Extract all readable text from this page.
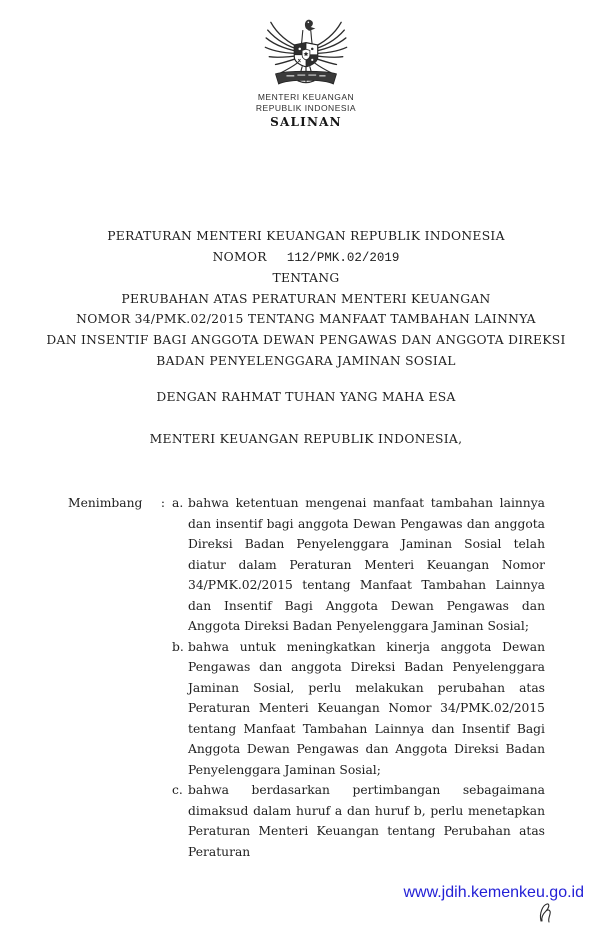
MENTERI KEUANGAN
REPUBLIK INDONESIA
SALINAN
PERATURAN MENTERI KEUANGAN REPUBLIK INDONESIA
NOMOR 112/PMK.02/2019
TENTANG
PERUBAHAN ATAS PERATURAN MENTERI KEUANGAN
NOMOR 34/PMK.02/2015 TENTANG MANFAAT TAMBAHAN LAINNYA
DAN INSENTIF BAGI ANGGOTA DEWAN PENGAWAS DAN ANGGOTA DIREKSI
BADAN PENYELENGGARA JAMINAN SOSIAL
DENGAN RAHMAT TUHAN YANG MAHA ESA
MENTERI KEUANGAN REPUBLIK INDONESIA,
Menimbang	: a. bahwa ketentuan mengenai manfaat tambahan lainnya dan insentif bagi anggota Dewan Pengawas dan anggota Direksi Badan Penyelenggara Jaminan Sosial telah diatur dalam Peraturan Menteri Keuangan Nomor 34/PMK.02/2015 tentang Manfaat Tambahan Lainnya dan Insentif Bagi Anggota Dewan Pengawas dan Anggota Direksi Badan Penyelenggara Jaminan Sosial;
b. bahwa untuk meningkatkan kinerja anggota Dewan Pengawas dan anggota Direksi Badan Penyelenggara Jaminan Sosial, perlu melakukan perubahan atas Peraturan Menteri Keuangan Nomor 34/PMK.02/2015 tentang Manfaat Tambahan Lainnya dan Insentif Bagi Anggota Dewan Pengawas dan Anggota Direksi Badan Penyelenggara Jaminan Sosial;
c. bahwa berdasarkan pertimbangan sebagaimana dimaksud dalam huruf a dan huruf b, perlu menetapkan Peraturan Menteri Keuangan tentang Perubahan atas Peraturan
www.jdih.kemenkeu.go.id
